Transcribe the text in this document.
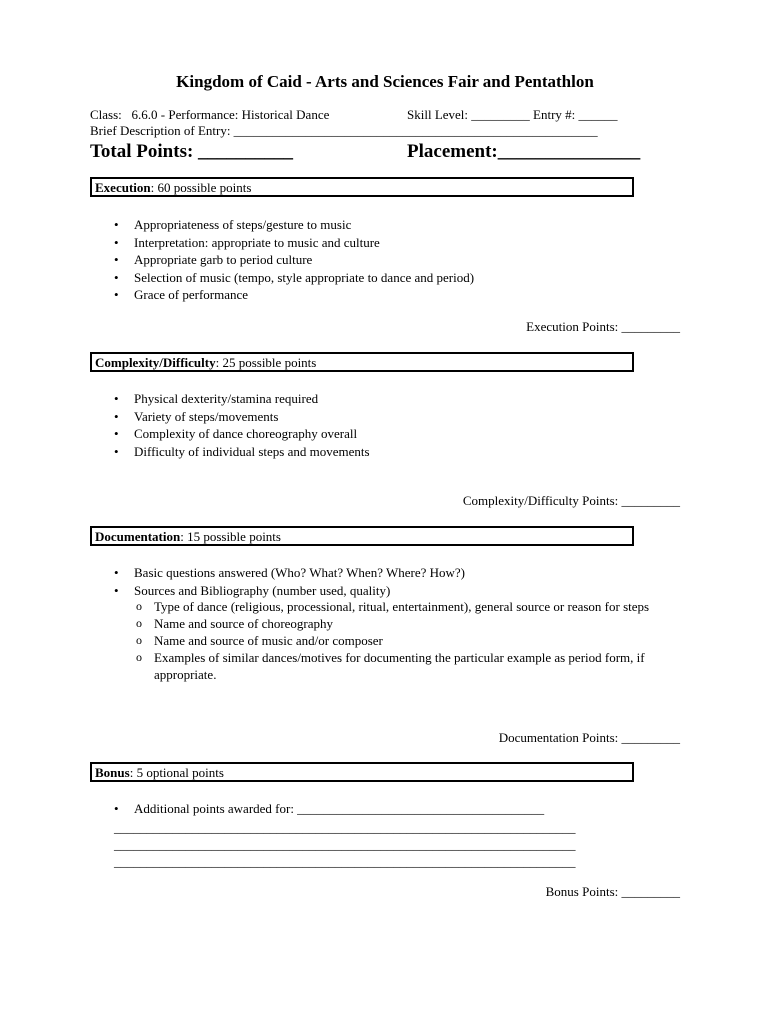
Kingdom of Caid - Arts and Sciences Fair and Pentathlon
Class: 6.6.0 - Performance: Historical Dance	Skill Level: _________ Entry #: ______
Brief Description of Entry: ________________________________________________________
Total Points: __________	Placement:_______________
Execution: 60 possible points
• Appropriateness of steps/gesture to music
• Interpretation: appropriate to music and culture
• Appropriate garb to period culture
• Selection of music (tempo, style appropriate to dance and period)
• Grace of performance
Execution Points: _________
Complexity/Difficulty: 25 possible points
• Physical dexterity/stamina required
• Variety of steps/movements
• Complexity of dance choreography overall
• Difficulty of individual steps and movements
Complexity/Difficulty Points: _________
Documentation: 15 possible points
• Basic questions answered (Who? What? When? Where? How?)
• Sources and Bibliography (number used, quality)
o Type of dance (religious, processional, ritual, entertainment), general source or reason for steps
o Name and source of choreography
o Name and source of music and/or composer
o Examples of similar dances/motives for documenting the particular example as period form, if appropriate.
Documentation Points: _________
Bonus: 5 optional points
• Additional points awarded for: ______________________________________
_______________________________________________________________________
_______________________________________________________________________
_______________________________________________________________________
Bonus Points: _________
